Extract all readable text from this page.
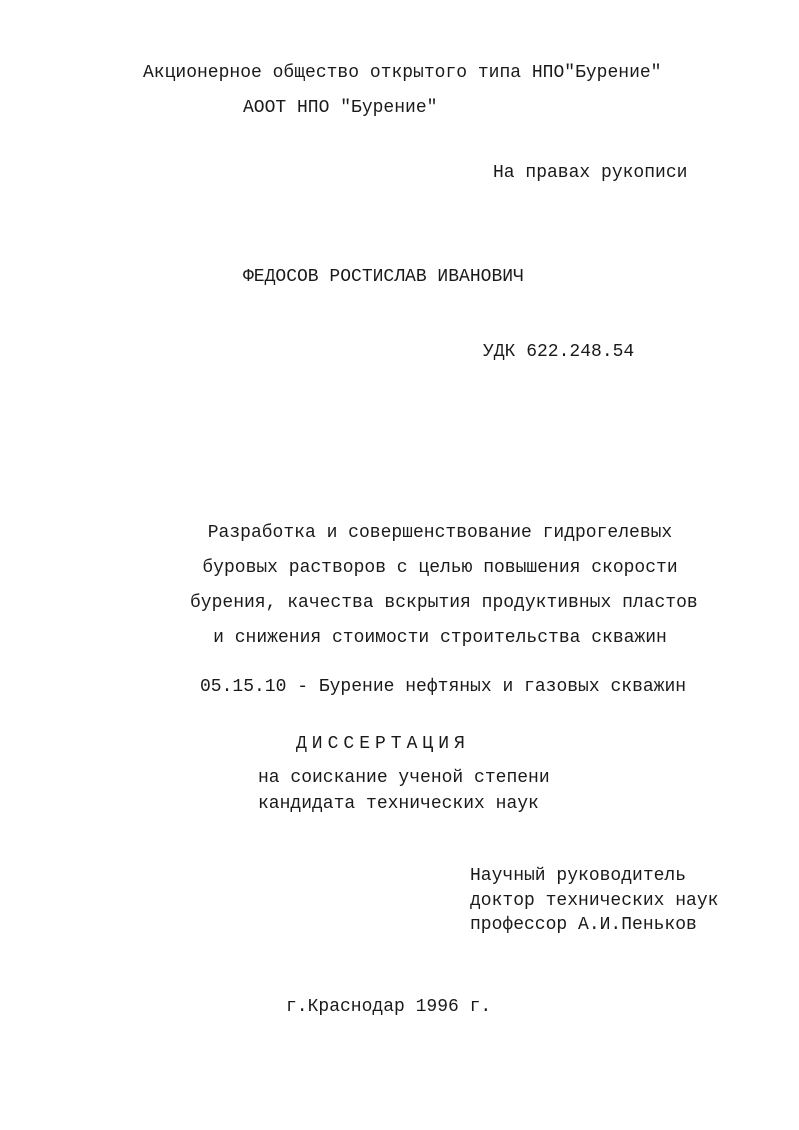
Акционерное общество открытого типа НПО"Бурение"
АООТ НПО "Бурение"
На правах рукописи
ФЕДОСОВ РОСТИСЛАВ ИВАНОВИЧ
УДК 622.248.54
Разработка и совершенствование гидрогелевых
буровых растворов с целью повышения скорости
бурения, качества вскрытия продуктивных пластов
и снижения стоимости строительства скважин
05.15.10 - Бурение нефтяных и газовых скважин
ДИССЕРТАЦИЯ
на соискание ученой степени
кандидата технических наук
Научный руководитель
доктор технических наук
профессор А.И.Пеньков
г.Краснодар 1996 г.
